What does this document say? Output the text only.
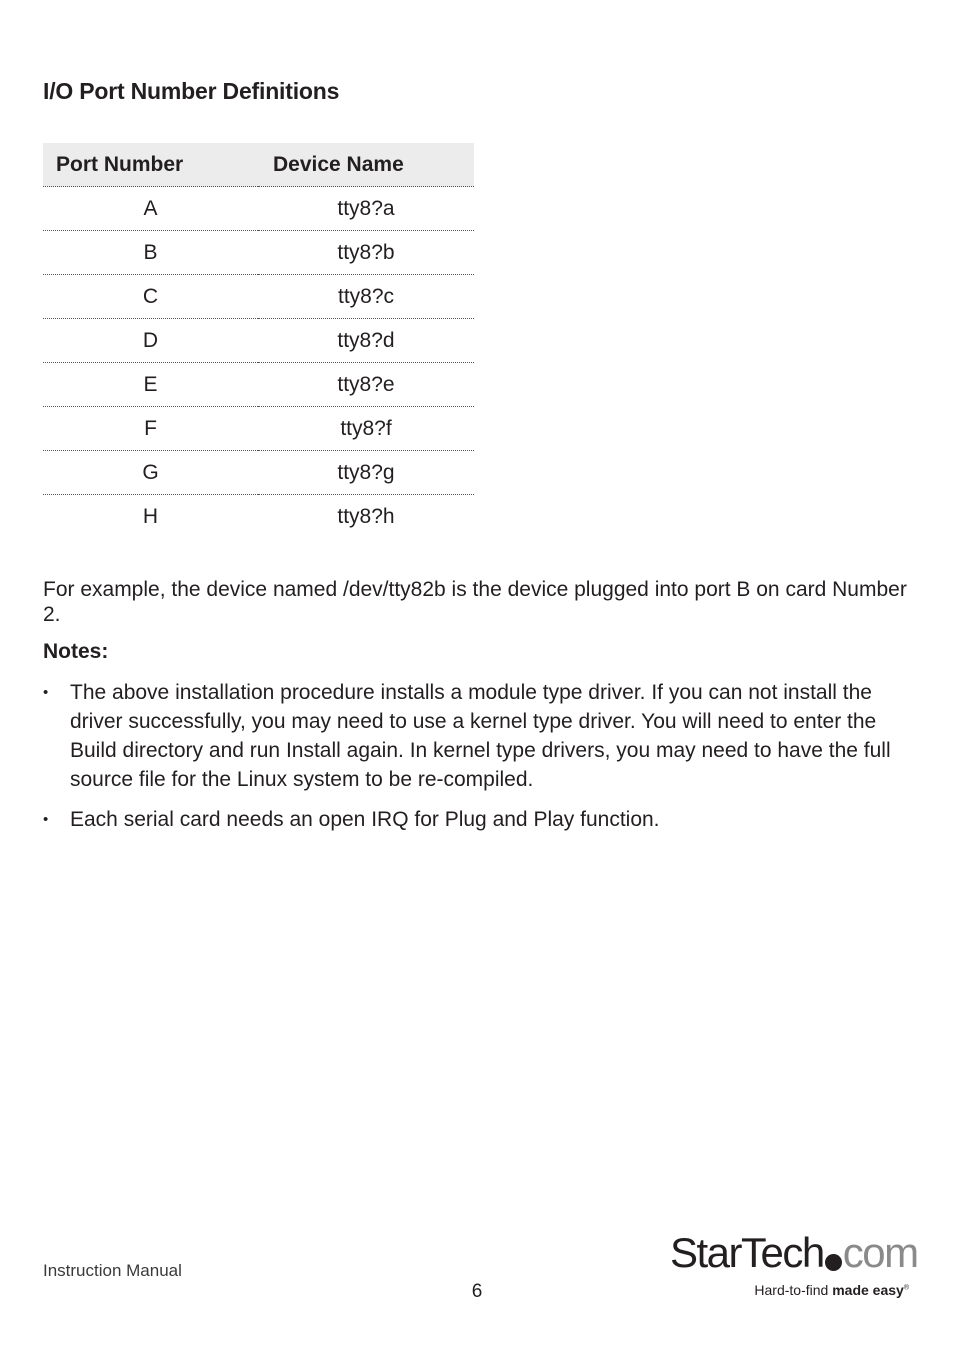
I/O Port Number Definitions
Port Number	Device Name
A	tty8?a
B	tty8?b
C	tty8?c
D	tty8?d
E	tty8?e
F	tty8?f
G	tty8?g
H	tty8?h

For example, the device named /dev/tty82b is the device plugged into port B on card Number 2.

Notes:

• The above installation procedure installs a module type driver. If you can not install the driver successfully, you may need to use a kernel type driver. You will need to enter the Build directory and run Install again. In kernel type drivers, you may need to have the full source file for the Linux system to be re-compiled.
• Each serial card needs an open IRQ for Plug and Play function.
Instruction Manual
6
StarTech com
Hard-to-find made easy®
